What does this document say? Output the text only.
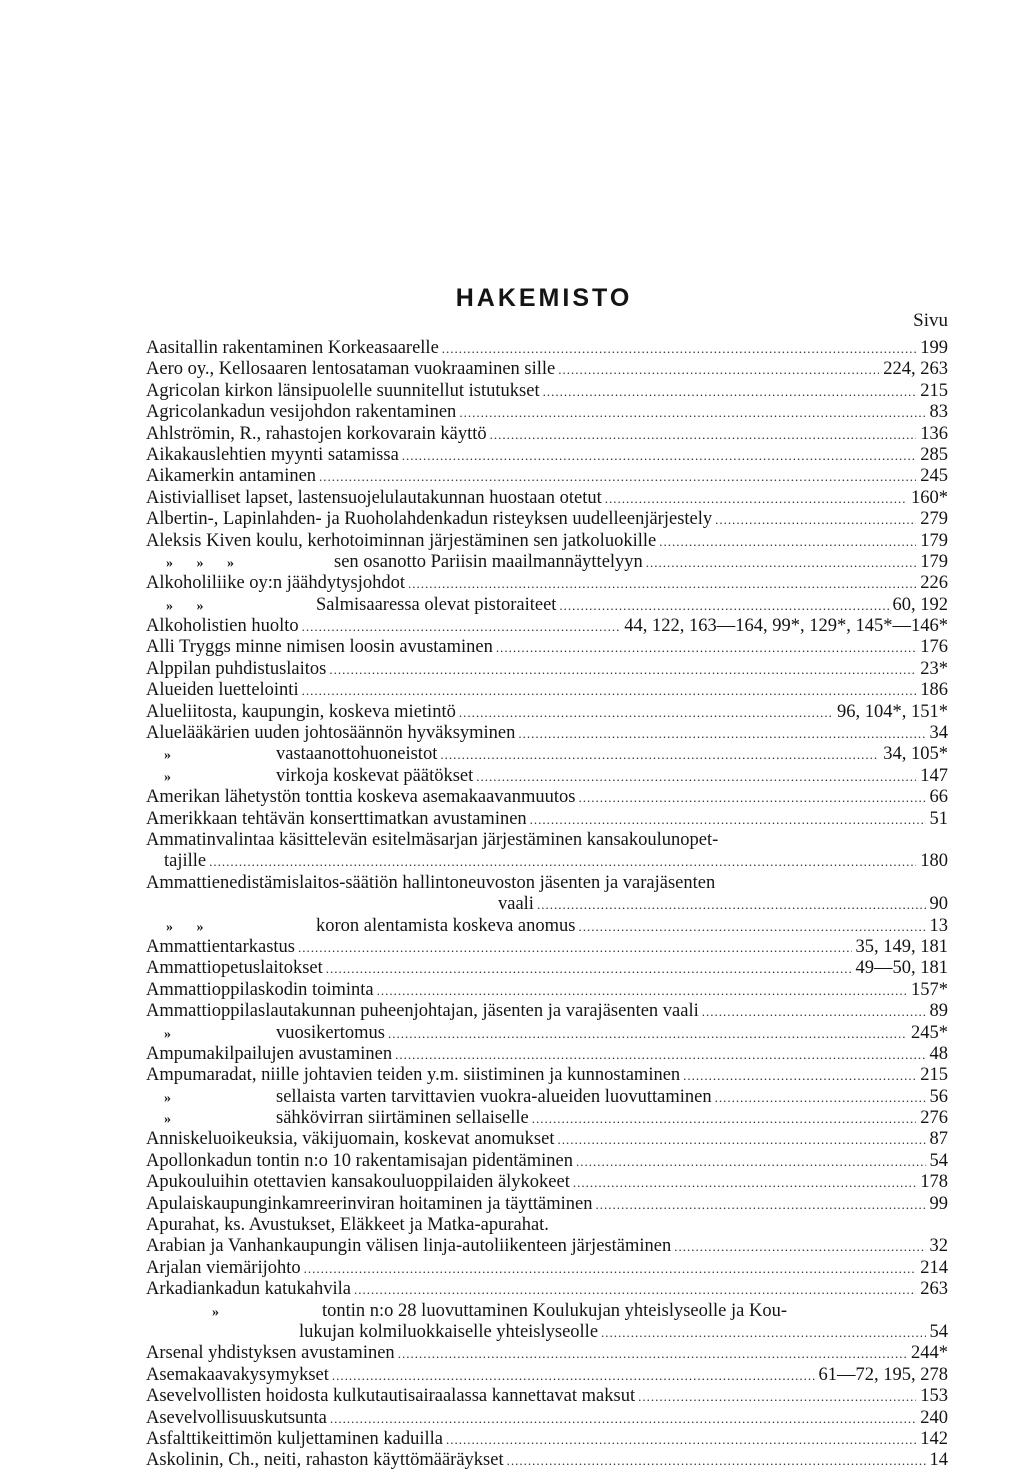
HAKEMISTO
Sivu
Aasitallin rakentaminen Korkeasaarelle .....	199
Aero oy., Kellosaaren lentosataman vuokraaminen sille .....	224, 263
Agricolan kirkon länsipuolelle suunnitellut istutukset .....	215
Agricolankadun vesijohdon rakentaminen .....	83
Ahlströmin, R., rahastojen korkovarain käyttö .....	136
Aikakauslehtien myynti satamissa .....	285
Aikamerkin antaminen .....	245
Aistivialliset lapset, lastensuojelulautakunnan huostaan otetut .....	160*
Albertin-, Lapinlahden- ja Ruoholahdenkadun risteyksen uudelleenjärjestely .....	279
Aleksis Kiven koulu, kerhotoiminnan järjestäminen sen jatkoluokille .....	179
» » »	sen osanotto Pariisin maailmannäyttelyyn .....	179
Alkoholiliike oy:n jäähdytysjohdot .....	226
» »	Salmisaaressa olevat pistoraiteet .....	60, 192
Alkoholistien huolto .....	44, 122, 163—164, 99*, 129*, 145*—146*
Alli Tryggs minne nimisen loosin avustaminen .....	176
Alppilan puhdistuslaitos .....	23*
Alueiden luettelointi .....	186
Alueliitosta, kaupungin, koskeva mietintö .....	96, 104*, 151*
Aluelääkärien uuden johtosäännön hyväksyminen .....	34
»	vastaanottohuoneistot .....	34, 105*
»	virkoja koskevat päätökset .....	147
Amerikan lähetystön tonttia koskeva asemakaavanmuutos .....	66
Amerikkaan tehtävän konserttimatkan avustaminen .....	51
Ammatinvalintaa käsittelevän esitelmäsarjan järjestäminen kansakoulunopet-
tajille .....	180
Ammattienedistämislaitos-säätiön hallintoneuvoston jäsenten ja varajäsenten
vaali .....	90
» »	koron alentamista koskeva anomus .....	13
Ammattientarkastus .....	35, 149, 181
Ammattiopetuslaitokset .....	49—50, 181
Ammattioppilaskodin toiminta .....	157*
Ammattioppilaslautakunnan puheenjohtajan, jäsenten ja varajäsenten vaali .....	89
»	vuosikertomus .....	245*
Ampumakilpailujen avustaminen .....	48
Ampumaradat, niille johtavien teiden y.m. siistiminen ja kunnostaminen .....	215
»	sellaista varten tarvittavien vuokra-alueiden luovuttaminen .....	56
»	sähkövirran siirtäminen sellaiselle .....	276
Anniskeluoikeuksia, väkijuomain, koskevat anomukset .....	87
Apollonkadun tontin n:o 10 rakentamisajan pidentäminen .....	54
Apukouluihin otettavien kansakouluoppilaiden älykokeet .....	178
Apulaiskaupunginkamreerinviran hoitaminen ja täyttäminen .....	99
Apurahat, ks. Avustukset, Eläkkeet ja Matka-apurahat.
Arabian ja Vanhankaupungin välisen linja-autoliikenteen järjestäminen .....	32
Arjalan viemärijohto .....	214
Arkadiankadun katukahvila .....	263
»	tontin n:o 28 luovuttaminen Koulukujan yhteislyseolle ja Kou-
lukujan kolmiluokkaiselle yhteislyseolle .....	54
Arsenal yhdistyksen avustaminen .....	244*
Asemakaavakysymykset .....	61—72, 195, 278
Asevelvollisten hoidosta kulkutautisairaalassa kannettavat maksut .....	153
Asevelvollisuuskutsunta .....	240
Asfalttikeittimön kuljettaminen kaduilla .....	142
Askolinin, Ch., neiti, rahaston käyttömääräykset .....	14
